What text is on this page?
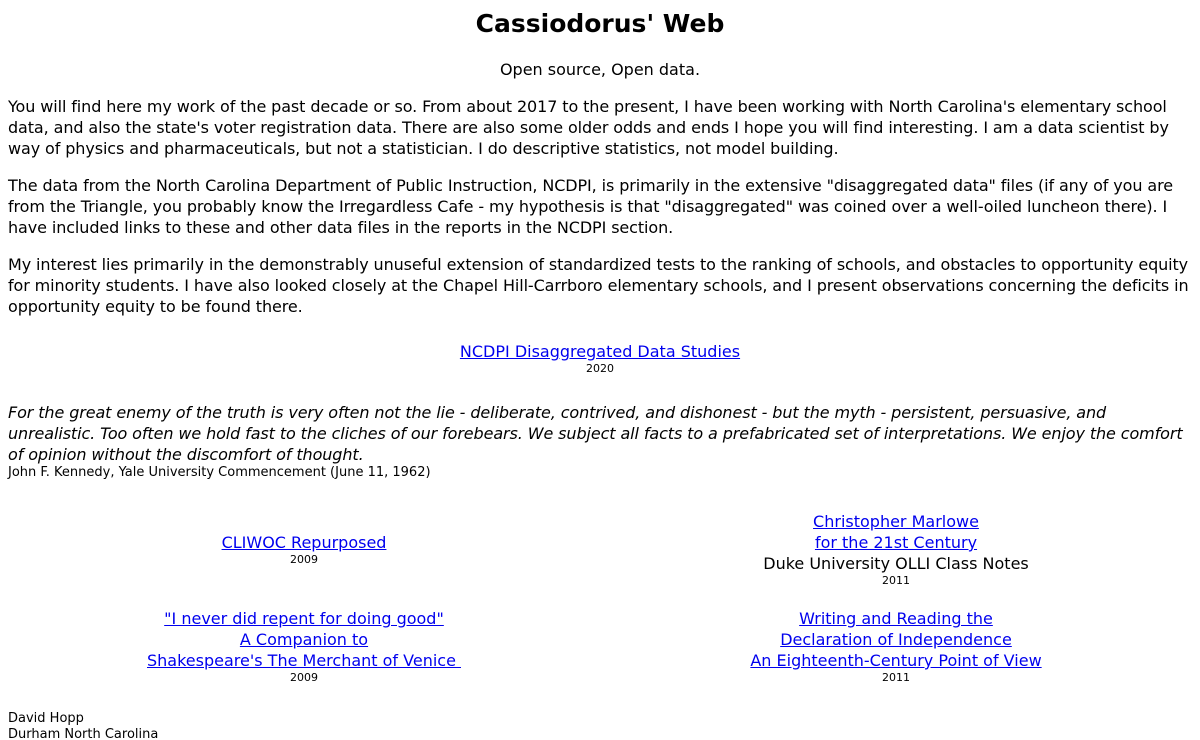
Cassiodorus' Web
Open source, Open data.

You will find here my work of the past decade or so. From about 2017 to the present, I have been working with North Carolina's elementary school data, and also the state's voter registration data. There are also some older odds and ends I hope you will find interesting. I am a data scientist by way of physics and pharmaceuticals, but not a statistician. I do descriptive statistics, not model building.

The data from the North Carolina Department of Public Instruction, NCDPI, is primarily in the extensive "disaggregated data" files (if any of you are from the Triangle, you probably know the Irregardless Cafe - my hypothesis is that "disaggregated" was coined over a well-oiled luncheon there). I have included links to these and other data files in the reports in the NCDPI section.

My interest lies primarily in the demonstrably unuseful extension of standardized tests to the ranking of schools, and obstacles to opportunity equity for minority students. I have also looked closely at the Chapel Hill-Carrboro elementary schools, and I present observations concerning the deficits in opportunity equity to be found there.

NCDPI Disaggregated Data Studies
2020
For the great enemy of the truth is very often not the lie - deliberate, contrived, and dishonest - but the myth - persistent, persuasive, and unrealistic. Too often we hold fast to the cliches of our forebears. We subject all facts to a prefabricated set of interpretations. We enjoy the comfort of opinion without the discomfort of thought.
John F. Kennedy, Yale University Commencement (June 11, 1962)
CLIWOC Repurposed
2009
Christopher Marlowe
for the 21st Century
Duke University OLLI Class Notes
2011
"I never did repent for doing good"
A Companion to
Shakespeare's The Merchant of Venice
2009
Writing and Reading the
Declaration of Independence
An Eighteenth-Century Point of View
2011
David Hopp
Durham North Carolina
